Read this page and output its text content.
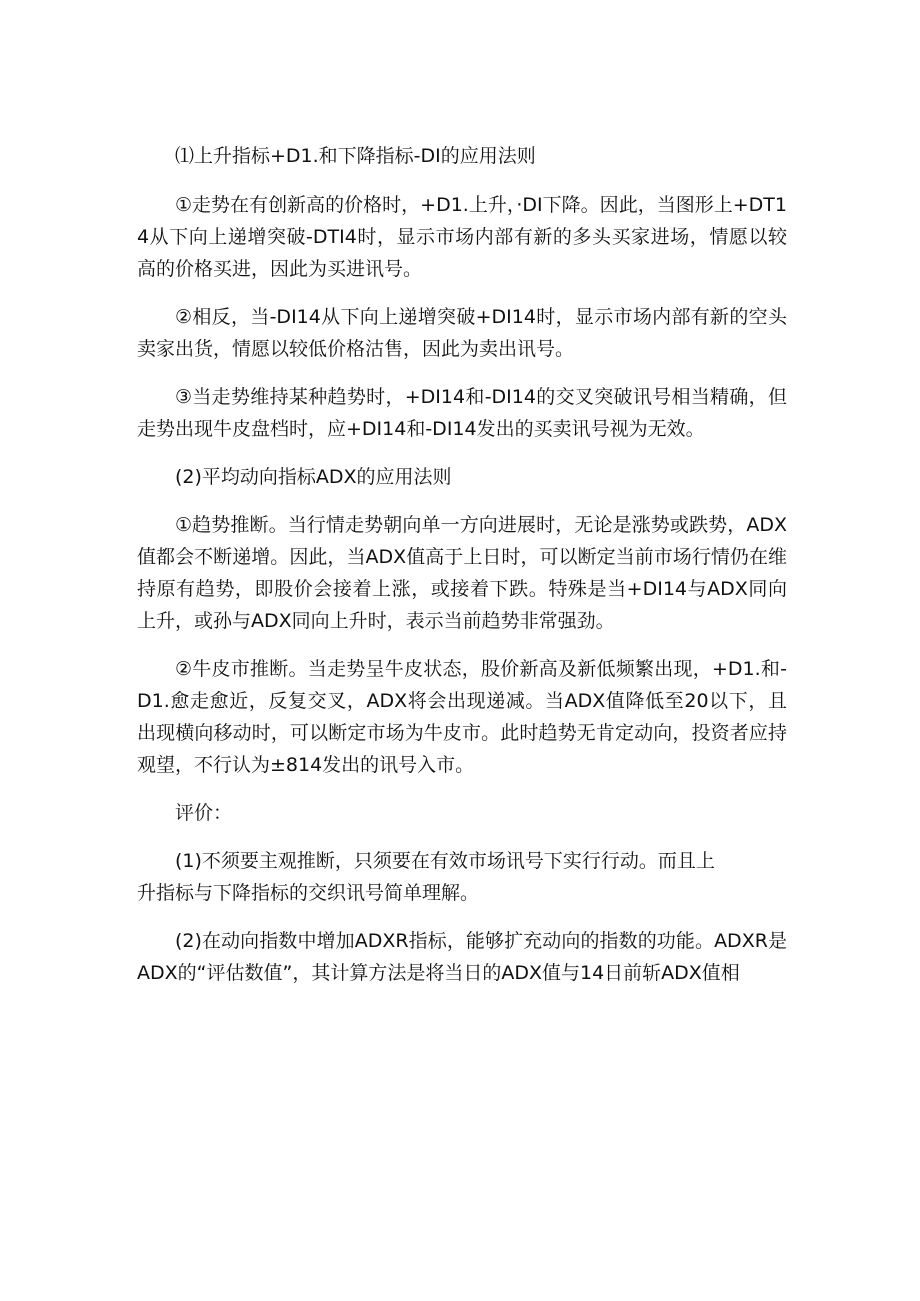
⑴上升指标+D1.和下降指标-DI的应用法则

①走势在有创新高的价格时，+D1.上升，·DI下降。因此，当图形上+DT14从下向上递增突破-DTI4时，显示市场内部有新的多头买家进场，情愿以较高的价格买进，因此为买进讯号。

②相反，当-DI14从下向上递增突破+DI14时，显示市场内部有新的空头卖家出货，情愿以较低价格沽售，因此为卖出讯号。

③当走势维持某种趋势时，+DI14和-DI14的交叉突破讯号相当精确，但走势出现牛皮盘档时，应+DI14和-DI14发出的买卖讯号视为无效。

(2)平均动向指标ADX的应用法则

①趋势推断。当行情走势朝向单一方向进展时，无论是涨势或跌势，ADX值都会不断递增。因此，当ADX值高于上日时，可以断定当前市场行情仍在维持原有趋势，即股价会接着上涨，或接着下跌。特殊是当+DI14与ADX同向上升，或孙与ADX同向上升时，表示当前趋势非常强劲。

②牛皮市推断。当走势呈牛皮状态，股价新高及新低频繁出现，+D1.和-D1.愈走愈近，反复交叉，ADX将会出现递减。当ADX值降低至20以下，且出现横向移动时，可以断定市场为牛皮市。此时趋势无肯定动向，投资者应持观望，不行认为±814发出的讯号入市。

评价：

(1)不须要主观推断，只须要在有效市场讯号下实行行动。而且上
升指标与下降指标的交织讯号简单理解。

(2)在动向指数中增加ADXR指标，能够扩充动向的指数的功能。ADXR是ADX的“评估数值”，其计算方法是将当日的ADX值与14日前斩ADX值相
